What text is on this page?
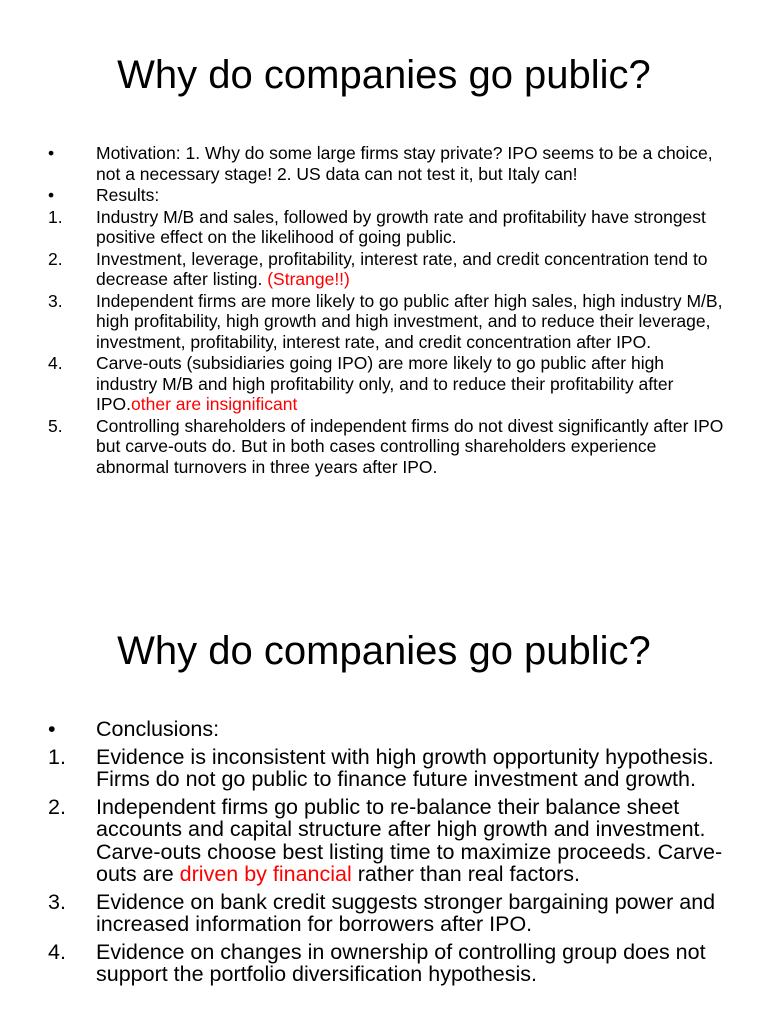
Why do companies go public?
• Motivation: 1. Why do some large firms stay private? IPO seems to be a choice, not a necessary stage! 2. US data can not test it, but Italy can!
• Results:
1. Industry M/B and sales, followed by growth rate and profitability have strongest positive effect on the likelihood of going public.
2. Investment, leverage, profitability, interest rate, and credit concentration tend to decrease after listing. (Strange!!)
3. Independent firms are more likely to go public after high sales, high industry M/B, high profitability, high growth and high investment, and to reduce their leverage, investment, profitability, interest rate, and credit concentration after IPO.
4. Carve-outs (subsidiaries going IPO) are more likely to go public after high industry M/B and high profitability only, and to reduce their profitability after IPO.other are insignificant
5. Controlling shareholders of independent firms do not divest significantly after IPO but carve-outs do. But in both cases controlling shareholders experience abnormal turnovers in three years after IPO.
Why do companies go public?
• Conclusions:
1. Evidence is inconsistent with high growth opportunity hypothesis. Firms do not go public to finance future investment and growth.
2. Independent firms go public to re-balance their balance sheet accounts and capital structure after high growth and investment. Carve-outs choose best listing time to maximize proceeds. Carve-outs are driven by financial rather than real factors.
3. Evidence on bank credit suggests stronger bargaining power and increased information for borrowers after IPO.
4. Evidence on changes in ownership of controlling group does not support the portfolio diversification hypothesis.
